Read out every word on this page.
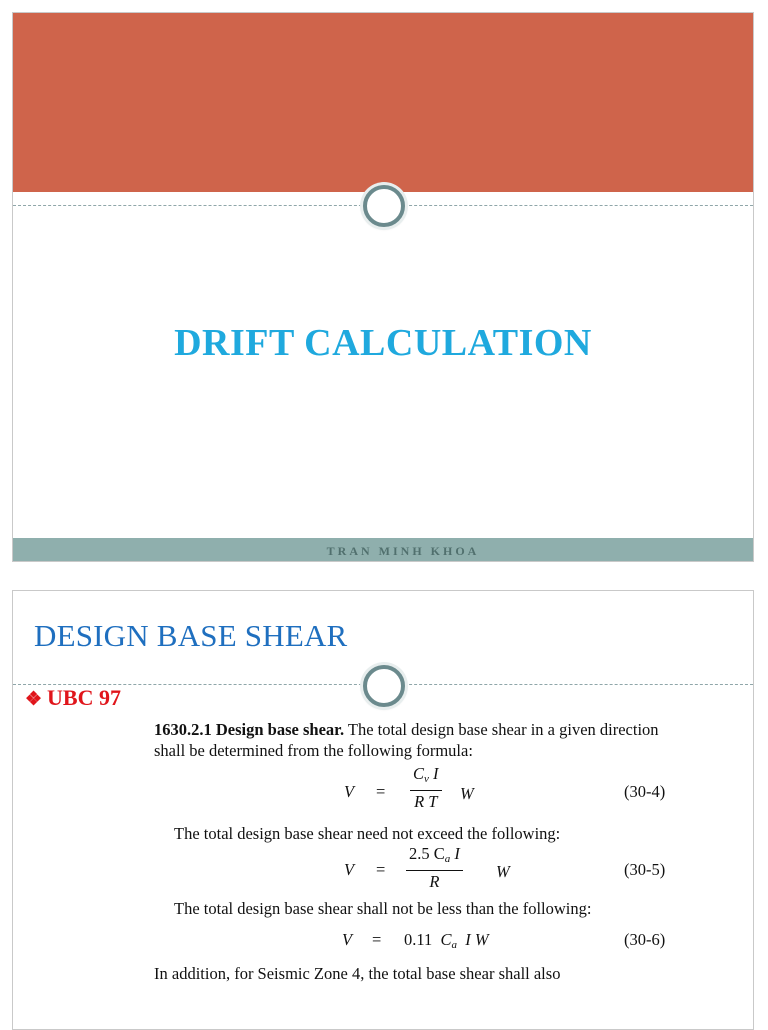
DRIFT CALCULATION
TRAN MINH KHOA
DESIGN BASE SHEAR
❖ UBC 97

1630.2.1 Design base shear. The total design base shear in a given direction shall be determined from the following formula:

$V = \frac{C_v I}{\text{R T}}$ W	(30-4)

The total design base shear need not exceed the following:

$V = \frac{2.5 C_a I}{R}$ W	(30-5)

The total design base shear shall not be less than the following:

V = 0.11 $C_a$ I W	(30-6)

In addition, for Seismic Zone 4, the total base shear shall also
